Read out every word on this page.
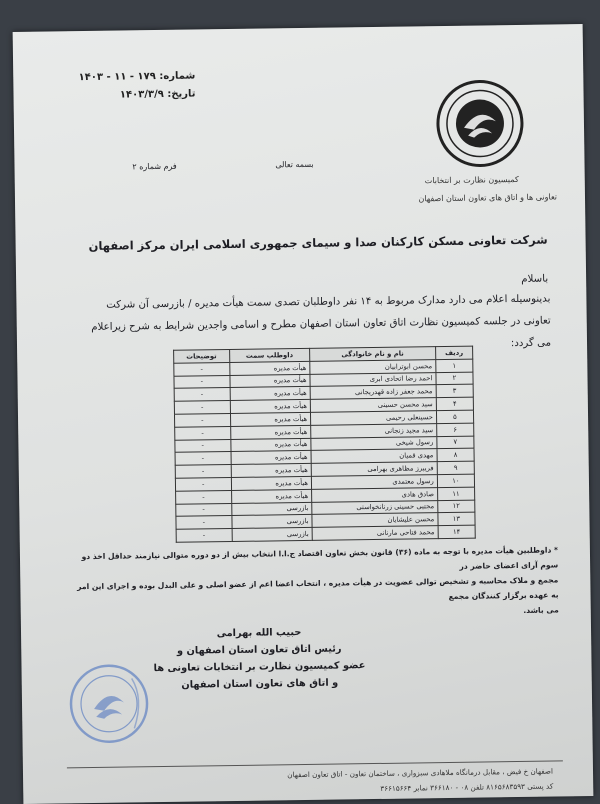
شماره: ۱۷۹ - ۱۱ - ۱۴۰۳
تاریخ: ۱۴۰۳/۳/۹
کمیسیون نظارت بر انتخابات
تعاونی ها و اتاق های تعاون استان اصفهان
بسمه تعالی
فرم شماره ۲
شرکت تعاونی مسکن کارکنان صدا و سیمای جمهوری اسلامی ایران مرکز اصفهان
باسلام
بدینوسیله اعلام می دارد مدارک مربوط به ۱۴ نفر داوطلبان تصدی سمت هیأت مدیره / بازرسی آن شرکت
تعاونی در جلسه کمیسیون نظارت اتاق تعاون استان اصفهان مطرح و اسامی واجدین شرایط به شرح زیراعلام
می گردد:
ردیف	نام و نام خانوادگی	داوطلب سمت	توضیحات
۱	محسن ابوترابیان	هیأت مدیره	-
۲	احمد رضا اتحادی ابری	هیأت مدیره	-
۳	محمد جعفر زاده قهدریجانی	هیأت مدیره	-
۴	سید محسن حسینی	هیأت مدیره	-
۵	حسینعلی رحیمی	هیأت مدیره	-
۶	سید مجید زنجانی	هیأت مدیره	-
۷	رسول شیخی	هیأت مدیره	-
۸	مهدی قمیان	هیأت مدیره	-
۹	فریبرز مظاهری بهرامی	هیأت مدیره	-
۱۰	رسول معتمدی	هیأت مدیره	-
۱۱	صادق هادی	هیأت مدیره	-
۱۲	مجتبی حسینی زرنانخواستی	بازرسی	-
۱۳	محسن علیشایان	بازرسی	-
۱۴	محمد فتاحی مارنانی	بازرسی	-
* داوطلبین هیأت مدیره با توجه به ماده (۳۶) قانون بخش تعاون اقتصاد ج.ا.ا انتخاب بیش از دو دوره متوالی نیازمند حداقل اخذ دو سوم آرای اعضای حاضر در
مجمع و ملاک محاسبه و تشخیص توالی عضویت در هیأت مدیره ، انتخاب اعضا اعم از عضو اصلی و علی البدل بوده و اجرای این امر به عهده برگزار کنندگان مجمع
می باشد.
حبیب الله بهرامی
رئیس اتاق تعاون استان اصفهان و
عضو کمیسیون نظارت بر انتخابات تعاونی ها
و اتاق های تعاون استان اصفهان
اصفهان خ فیض ، مقابل درمانگاه ملاهادی سبزواری ، ساختمان تعاون - اتاق تعاون اصفهان
کد پستی ۸۱۶۵۶۸۳۵۹۳ تلفن ۰۸ - ۳۶۶۱۸۰ نمابر ۳۶۶۱۵۶۶۴
